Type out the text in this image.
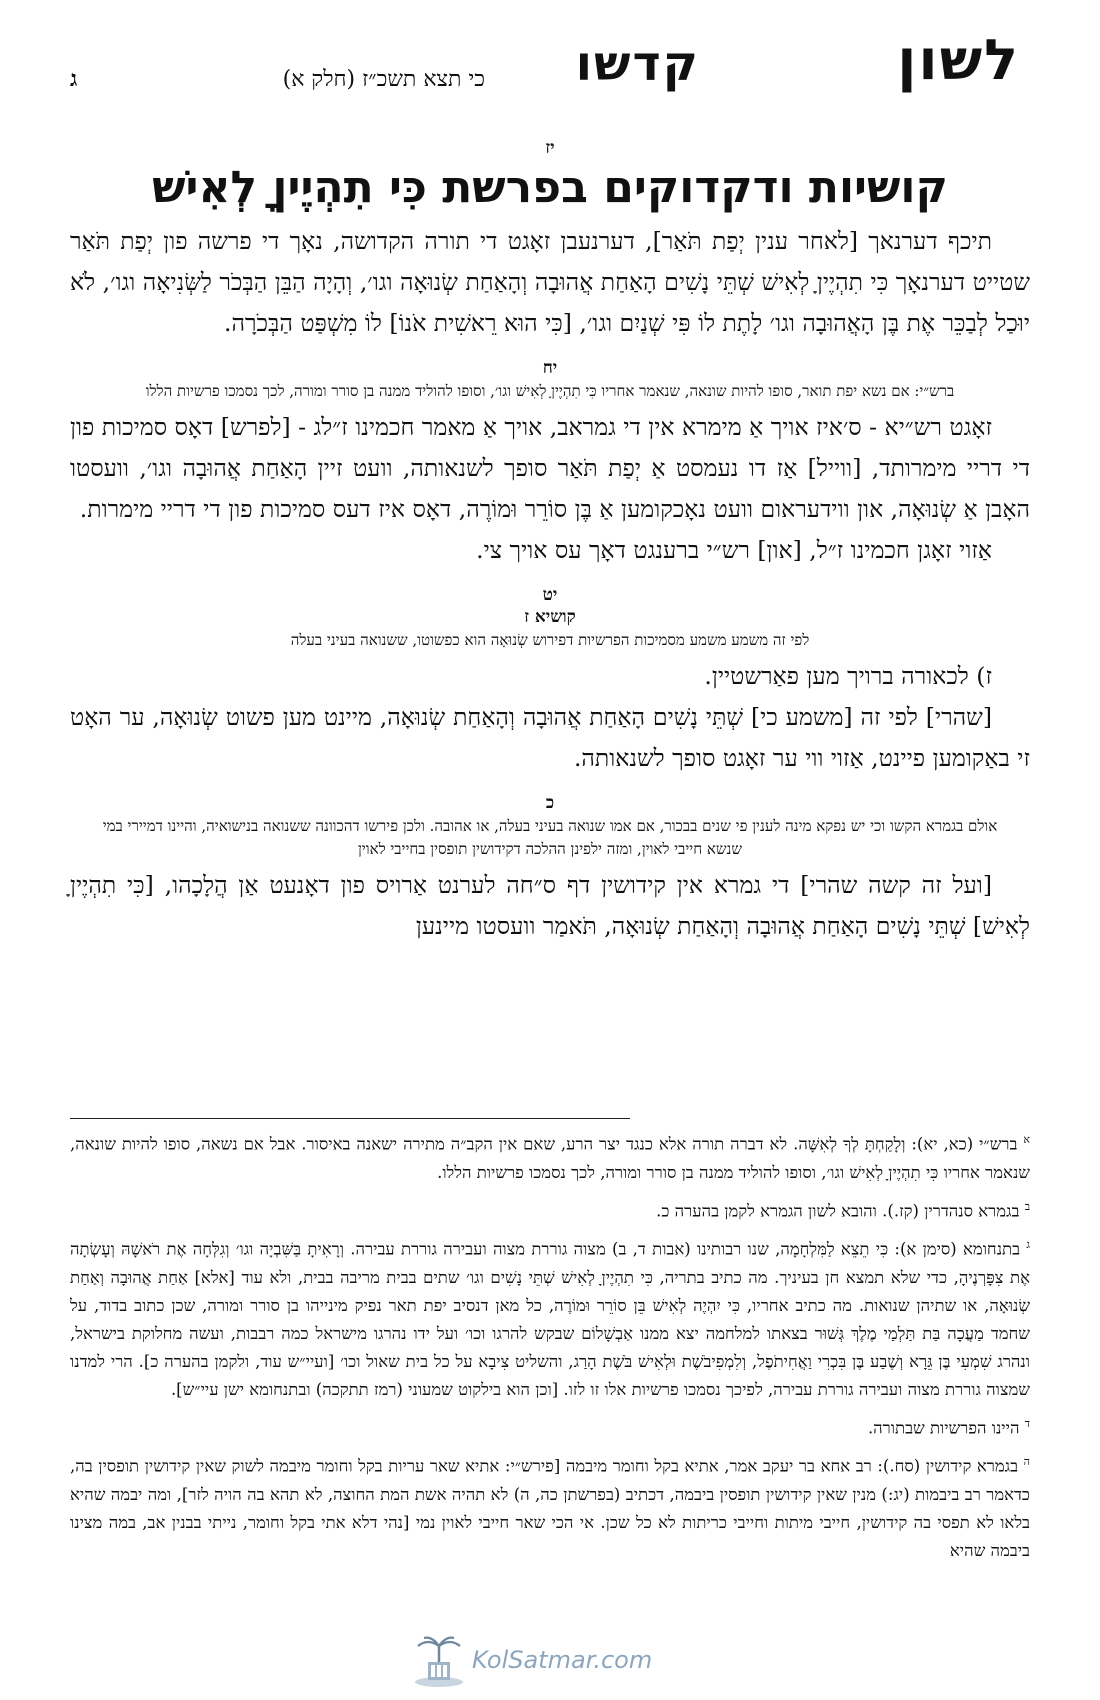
לשון
קדשו
כי תצא תשכ״ז (חלק א)
ג
יז
קושיות ודקדוקים בפרשת כִּי תִהְיֶיןָ לְאִישׁ

תיכף דערנאך [לאחר ענין יְפַת תֹּאַר], דערנעבן זאָגט די תורה הקדושה, נאָך די פרשה פון יְפַת תֹּאַר שטייט דערנאָך כִּי תִהְיֶיןָ לְאִישׁ שְׁתֵּי נָשִׁים הָאַחַת אֲהוּבָה וְהָאַחַת שְׂנוּאָה וגו׳, וְהָיָה הַבֵּן הַבְּכֹר לַשְּׂנִיאָה וגו׳, לֹא יוּכַל לְבַכֵּר אֶת בֶּן הָאֲהוּבָה וגו׳ לָתֶת לוֹ פִּי שְׁנַיִם וגו׳, [כִּי הוּא רֵאשִׁית אֹנוֹ] לוֹ מִשְׁפַּט הַבְּכֹרָה.

יח
ברש״י: אם נשא יפת תואר, סופו להיות שונאה, שנאמר אחריו כִּי תִהְיֶיןָ לְאִישׁ וגו׳, וסופו להוליד ממנה בן סורר ומורה, לכך נסמכו פרשיות הללו

זאָגט רש״יא - ס׳איז אויך אַ מימרא אין די גמראב, אויך אַ מאמר חכמינו ז״לג - [לפרש] דאָס סמיכות פון די דריי מימרותד, [ווייל] אַז דו נעמסט אַ יְפַת תֹּאַר סופך לשנאותה, וועט זיין הָאַחַת אֲהוּבָה וגו׳, וועסטו האָבן אַ שְׂנוּאָה, און ווידעראום וועט נאָכקומען אַ בֶּן סוֹרֵר וּמוֹרֶה, דאָס איז דעס סמיכות פון די דריי מימרות.

אַזוי זאָגן חכמינו ז״ל, [און] רש״י ברענגט דאָך עס אויך צי.

יט
קושיא ז
לפי זה משמע משמע מסמיכות הפרשיות דפירוש שְׂנוּאָה הוא כפשוטו, ששנואה בעיני בעלה

ז) לכאורה ברויך מען פאַרשטיין.

[שהרי] לפי זה [משמע כי] שְׁתֵּי נָשִׁים הָאַחַת אֲהוּבָה וְהָאַחַת שְׂנוּאָה, מיינט מען פשוט שְׂנוּאָה, ער האָט זי באַקומען פיינט, אַזוי ווי ער זאָגט סופך לשנאותה.

כ
אולם בגמרא הקשו וכי יש נפקא מינה לענין פי שנים בבכור, אם אמו שנואה בעיני בעלה, או אהובה. ולכן פירשו דהכוונה ששנואה בנישואיה, והיינו דמיירי במי שנשא חייבי לאוין, ומזה ילפינן ההלכה דקידושין תופסין בחייבי לאוין

[ועל זה קשה שהרי] די גמרא אין קידושין דף ס״חה לערנט אַרויס פון דאָנעט אַן הֲלָכָהו, [כִּי תִהְיֶיןָ לְאִישׁ] שְׁתֵּי נָשִׁים הָאַחַת אֲהוּבָה וְהָאַחַת שְׂנוּאָה, תֹּאמַר וועסטו מיינען

$^א$ ברש״י (כא, יא): וְלָקַחְתָּ לְךָ לְאִשָּׁה. לא דברה תורה אלא כנגד יצר הרע, שאם אין הקב״ה מתירה ישאנה באיסור. אבל אם נשאה, סופו להיות שונאה, שנאמר אחריו כִּי תִהְיֶיןָ לְאִישׁ וגו׳, וסופו להוליד ממנה בן סורר ומורה, לכך נסמכו פרשיות הללו.

$^ב$ בגמרא סנהדרין (קז.). והובא לשון הגמרא לקמן בהערה כ.

$^ג$ בתנחומא (סימן א): כִּי תֵצֵא לַמִּלְחָמָה, שנו רבותינו (אבות ד, ב) מצוה גוררת מצוה ועבירה גוררת עבירה. וְרָאִיתָ בַּשִּׁבְיָה וגו׳ וְגִלְּחָה אֶת רֹאשָׁהּ וְעָשְׂתָה אֶת צִפָּרְנֶיהָ, כדי שלא תמצא חן בעיניך. מה כתיב בתריה, כִּי תִהְיֶיןָ לְאִישׁ שְׁתֵּי נָשִׁים וגו׳ שתים בבית מריבה בבית, ולא עוד [אלא] אַחַת אֲהוּבָה וְאַחַת שְׂנוּאָה, או שתיהן שנואות. מה כתיב אחריו, כִּי יִהְיֶה לְאִישׁ בֵּן סוֹרֵר וּמוֹרֶה, כל מאן דנסיב יפת תאר נפיק מינייהו בן סורר ומורה, שכן כתוב בדוד, על שחמד מַעֲכָה בַּת תַּלְמַי מֶלֶךְ גְּשׁוּר בצאתו למלחמה יצא ממנו אַבְשָׁלוֹם שבקש להרגו וכו׳ ועל ידו נהרגו מישראל כמה רבבות, ועשה מחלוקת בישראל, ונהרג שִׁמְעִי בֶּן גֵּרָא וְשֶׁבַע בֶּן בִּכְרִי וַאֲחִיתֹפֶל, וְלִמְפִיבֹשֶׁת וּלְאִישׁ בֹּשֶׁת הָרַג, והשליט צִיבָא על כל בית שאול וכו׳ [ועיי״ש עוד, ולקמן בהערה כ]. הרי למדנו שמצוה גוררת מצוה ועבירה גוררת עבירה, לפיכך נסמכו פרשיות אלו זו לזו. [וכן הוא בילקוט שמעוני (רמז תתקכה) ובתנחומא ישן עיי״ש].

$^ד$ היינו הפרשיות שבתורה.

$^ה$ בגמרא קידושין (סח.): רב אחא בר יעקב אמר, אתיא בקל וחומר מיבמה [פירש״י: אתיא שאר עריות בקל וחומר מיבמה לשוק שאין קידושין תופסין בה, כדאמר רב ביבמות (יג:) מנין שאין קידושין תופסין ביבמה, דכתיב (בפרשתן כה, ה) לא תהיה אשת המת החוצה, לא תהא בה הויה לזר], ומה יבמה שהיא בלאו לא תפסי בה קידושין, חייבי מיתות וחייבי כריתות לא כל שכן. אי הכי שאר חייבי לאוין נמי [נהי דלא אתי בקל וחומר, נייתי בבנין אב, במה מצינו ביבמה שהיא

KolSatmar.com
